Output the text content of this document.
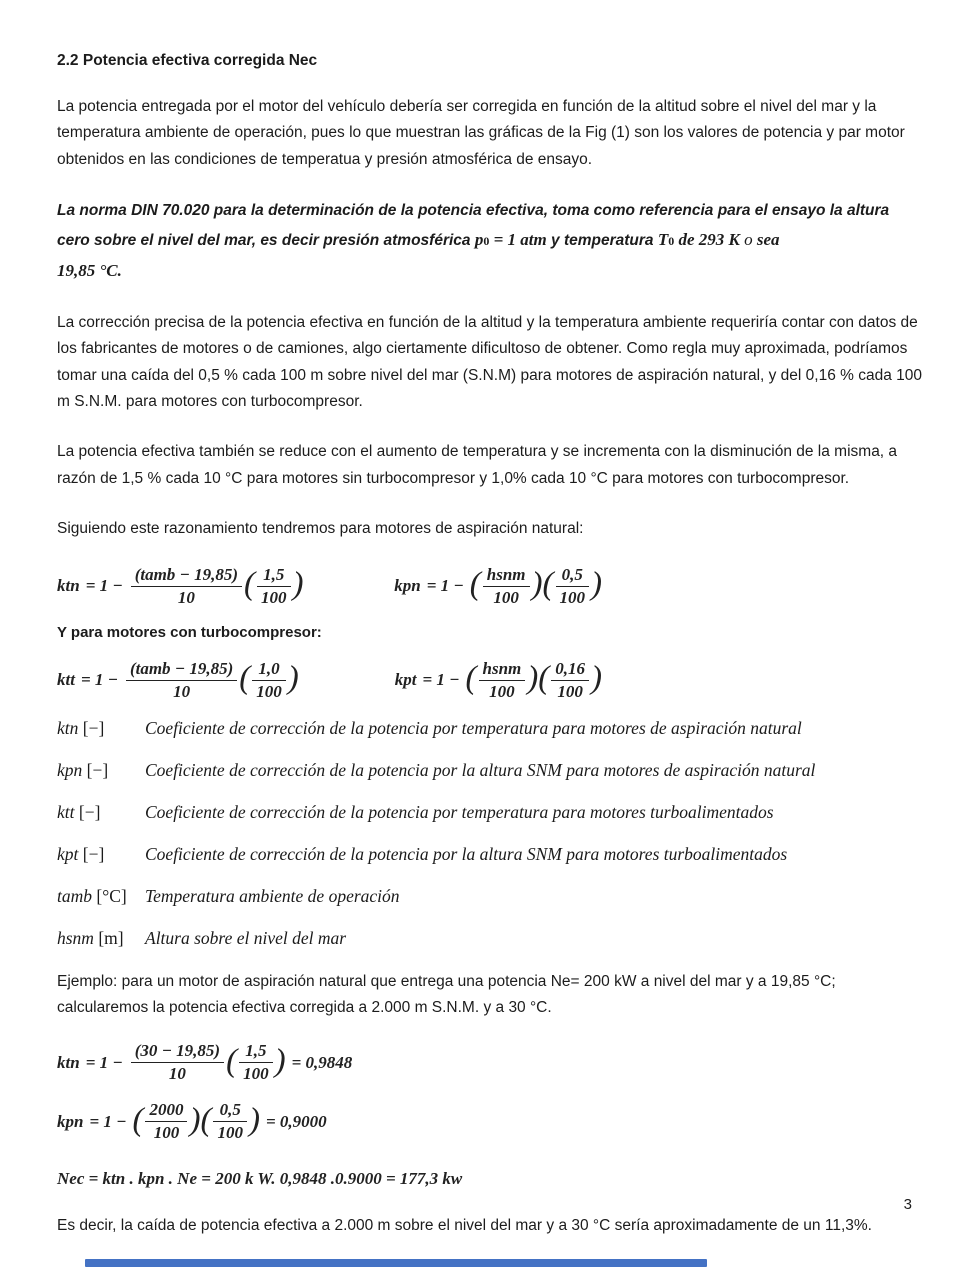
2.2 Potencia efectiva corregida Nec

La potencia entregada por el motor del vehículo debería ser corregida en función de la altitud sobre el nivel del mar y la temperatura ambiente de operación, pues lo que muestran las gráficas de la Fig (1) son los valores de potencia y par motor obtenidos en las condiciones de temperatua y presión atmosférica de ensayo.

La norma DIN 70.020 para la determinación de la potencia efectiva, toma como referencia para el ensayo la altura cero sobre el nivel del mar, es decir presión atmosférica p0 = 1 atm y temperatura T0 de 293 K o sea
19,85 °C.

La corrección precisa de la potencia efectiva en función de la altitud y la temperatura ambiente requeriría contar con datos de los fabricantes de motores o de camiones, algo ciertamente dificultoso de obtener. Como regla muy aproximada, podríamos tomar una caída del 0,5 % cada 100 m sobre nivel del mar (S.N.M) para motores de aspiración natural, y del 0,16 % cada 100 m S.N.M. para motores con turbocompresor.

La potencia efectiva también se reduce con el aumento de temperatura y se incrementa con la disminución de la misma, a razón de 1,5 % cada 10 °C para motores sin turbocompresor y 1,0% cada 10 °C para motores con turbocompresor.

Siguiendo este razonamiento tendremos para motores de aspiración natural:

ktn = $1 - \frac{\text{(tamb − 19,85)}}{10}$ ( $\frac{1,5}{100}$ )	kpn = 1 − ( $\frac{\text{hsnm}}{100}$ ) ( $\frac{0,5}{100}$ )

Y para motores con turbocompresor:

ktt = $1 - \frac{\text{(tamb − 19,85)}}{10}$ ( $\frac{1,0}{100}$ )	kpt = 1 − ( $\frac{\text{hsnm}}{100}$ ) ( $\frac{0,16}{100}$ )
ktn [−]	Coeficiente de corrección de la potencia por temperatura para motores de aspiración natural
kpn [−]	Coeficiente de corrección de la potencia por la altura SNM para motores de aspiración natural
ktt [−]	Coeficiente de corrección de la potencia por temperatura para motores turboalimentados
kpt [−]	Coeficiente de corrección de la potencia por la altura SNM para motores turboalimentados
tamb [°C]	Temperatura ambiente de operación
hsnm [m]	Altura sobre el nivel del mar

Ejemplo: para un motor de aspiración natural que entrega una potencia Ne= 200 kW a nivel del mar y a 19,85 °C; calcularemos la potencia efectiva corregida a 2.000 m S.N.M. y a 30 °C.

ktn = $1 - \frac{(30 - 19,85)}{10}$ ( $\frac{1,5}{100}$ ) = 0,9848
kpn = 1 − ( $\frac{2000}{100}$ ) ( $\frac{0,5}{100}$ ) = 0,9000

Nec = ktn . kpn . Ne = 200 k W. 0,9848 .0.9000 = 177,3 kw

Es decir, la caída de potencia efectiva a 2.000 m sobre el nivel del mar y a 30 °C sería aproximadamente de un 11,3%.

3
